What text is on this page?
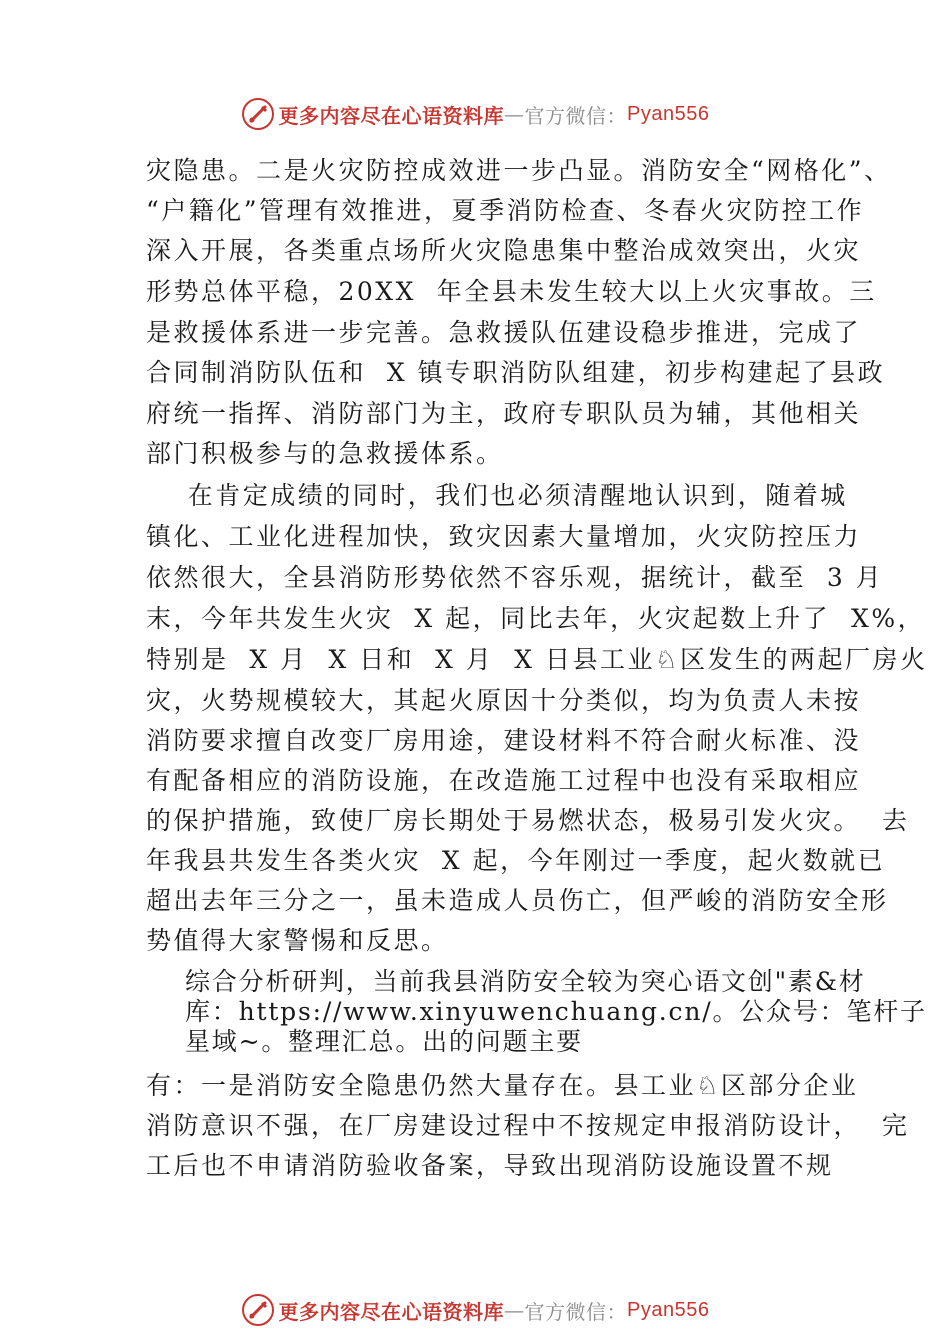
更多内容尽在心语资料库 — 官方微信： Pyan556
灾隐患。二是火灾防控成效进一步凸显。消防安全“网格化”、
“户籍化”管理有效推进，夏季消防检查、冬春火灾防控工作
深入开展，各类重点场所火灾隐患集中整治成效突出，火灾
形势总体平稳，20XX  年全县未发生较大以上火灾事故。三
是救援体系进一步完善。急救援队伍建设稳步推进，完成了
合同制消防队伍和  X 镇专职消防队组建，初步构建起了县政
府统一指挥、消防部门为主，政府专职队员为辅，其他相关
部门积极参与的急救援体系。
在肯定成绩的同时，我们也必须清醒地认识到，随着城
镇化、工业化进程加快，致灾因素大量增加，火灾防控压力
依然很大，全县消防形势依然不容乐观，据统计，截至  3 月
末，今年共发生火灾  X 起，同比去年，火灾起数上升了  X%，
特别是  X 月  X 日和  X 月  X 日县工业♘区发生的两起厂房火
灾，火势规模较大，其起火原因十分类似，均为负责人未按
消防要求擅自改变厂房用途，建设材料不符合耐火标准、没
有配备相应的消防设施，在改造施工过程中也没有采取相应
的保护措施，致使厂房长期处于易燃状态，极易引发火灾。  去
年我县共发生各类火灾  X 起，今年刚过一季度，起火数就已
超出去年三分之一，虽未造成人员伤亡，但严峻的消防安全形
势值得大家警惕和反思。
综合分析研判，当前我县消防安全较为突心语文创"素&材
库：https://www.xinyuwenchuang.cn/。公众号：笔杆子
星域~。整理汇总。出的问题主要
有：一是消防安全隐患仍然大量存在。县工业♘区部分企业
消防意识不强，在厂房建设过程中不按规定申报消防设计，  完
工后也不申请消防验收备案，导致出现消防设施设置不规
更多内容尽在心语资料库 — 官方微信： Pyan556
